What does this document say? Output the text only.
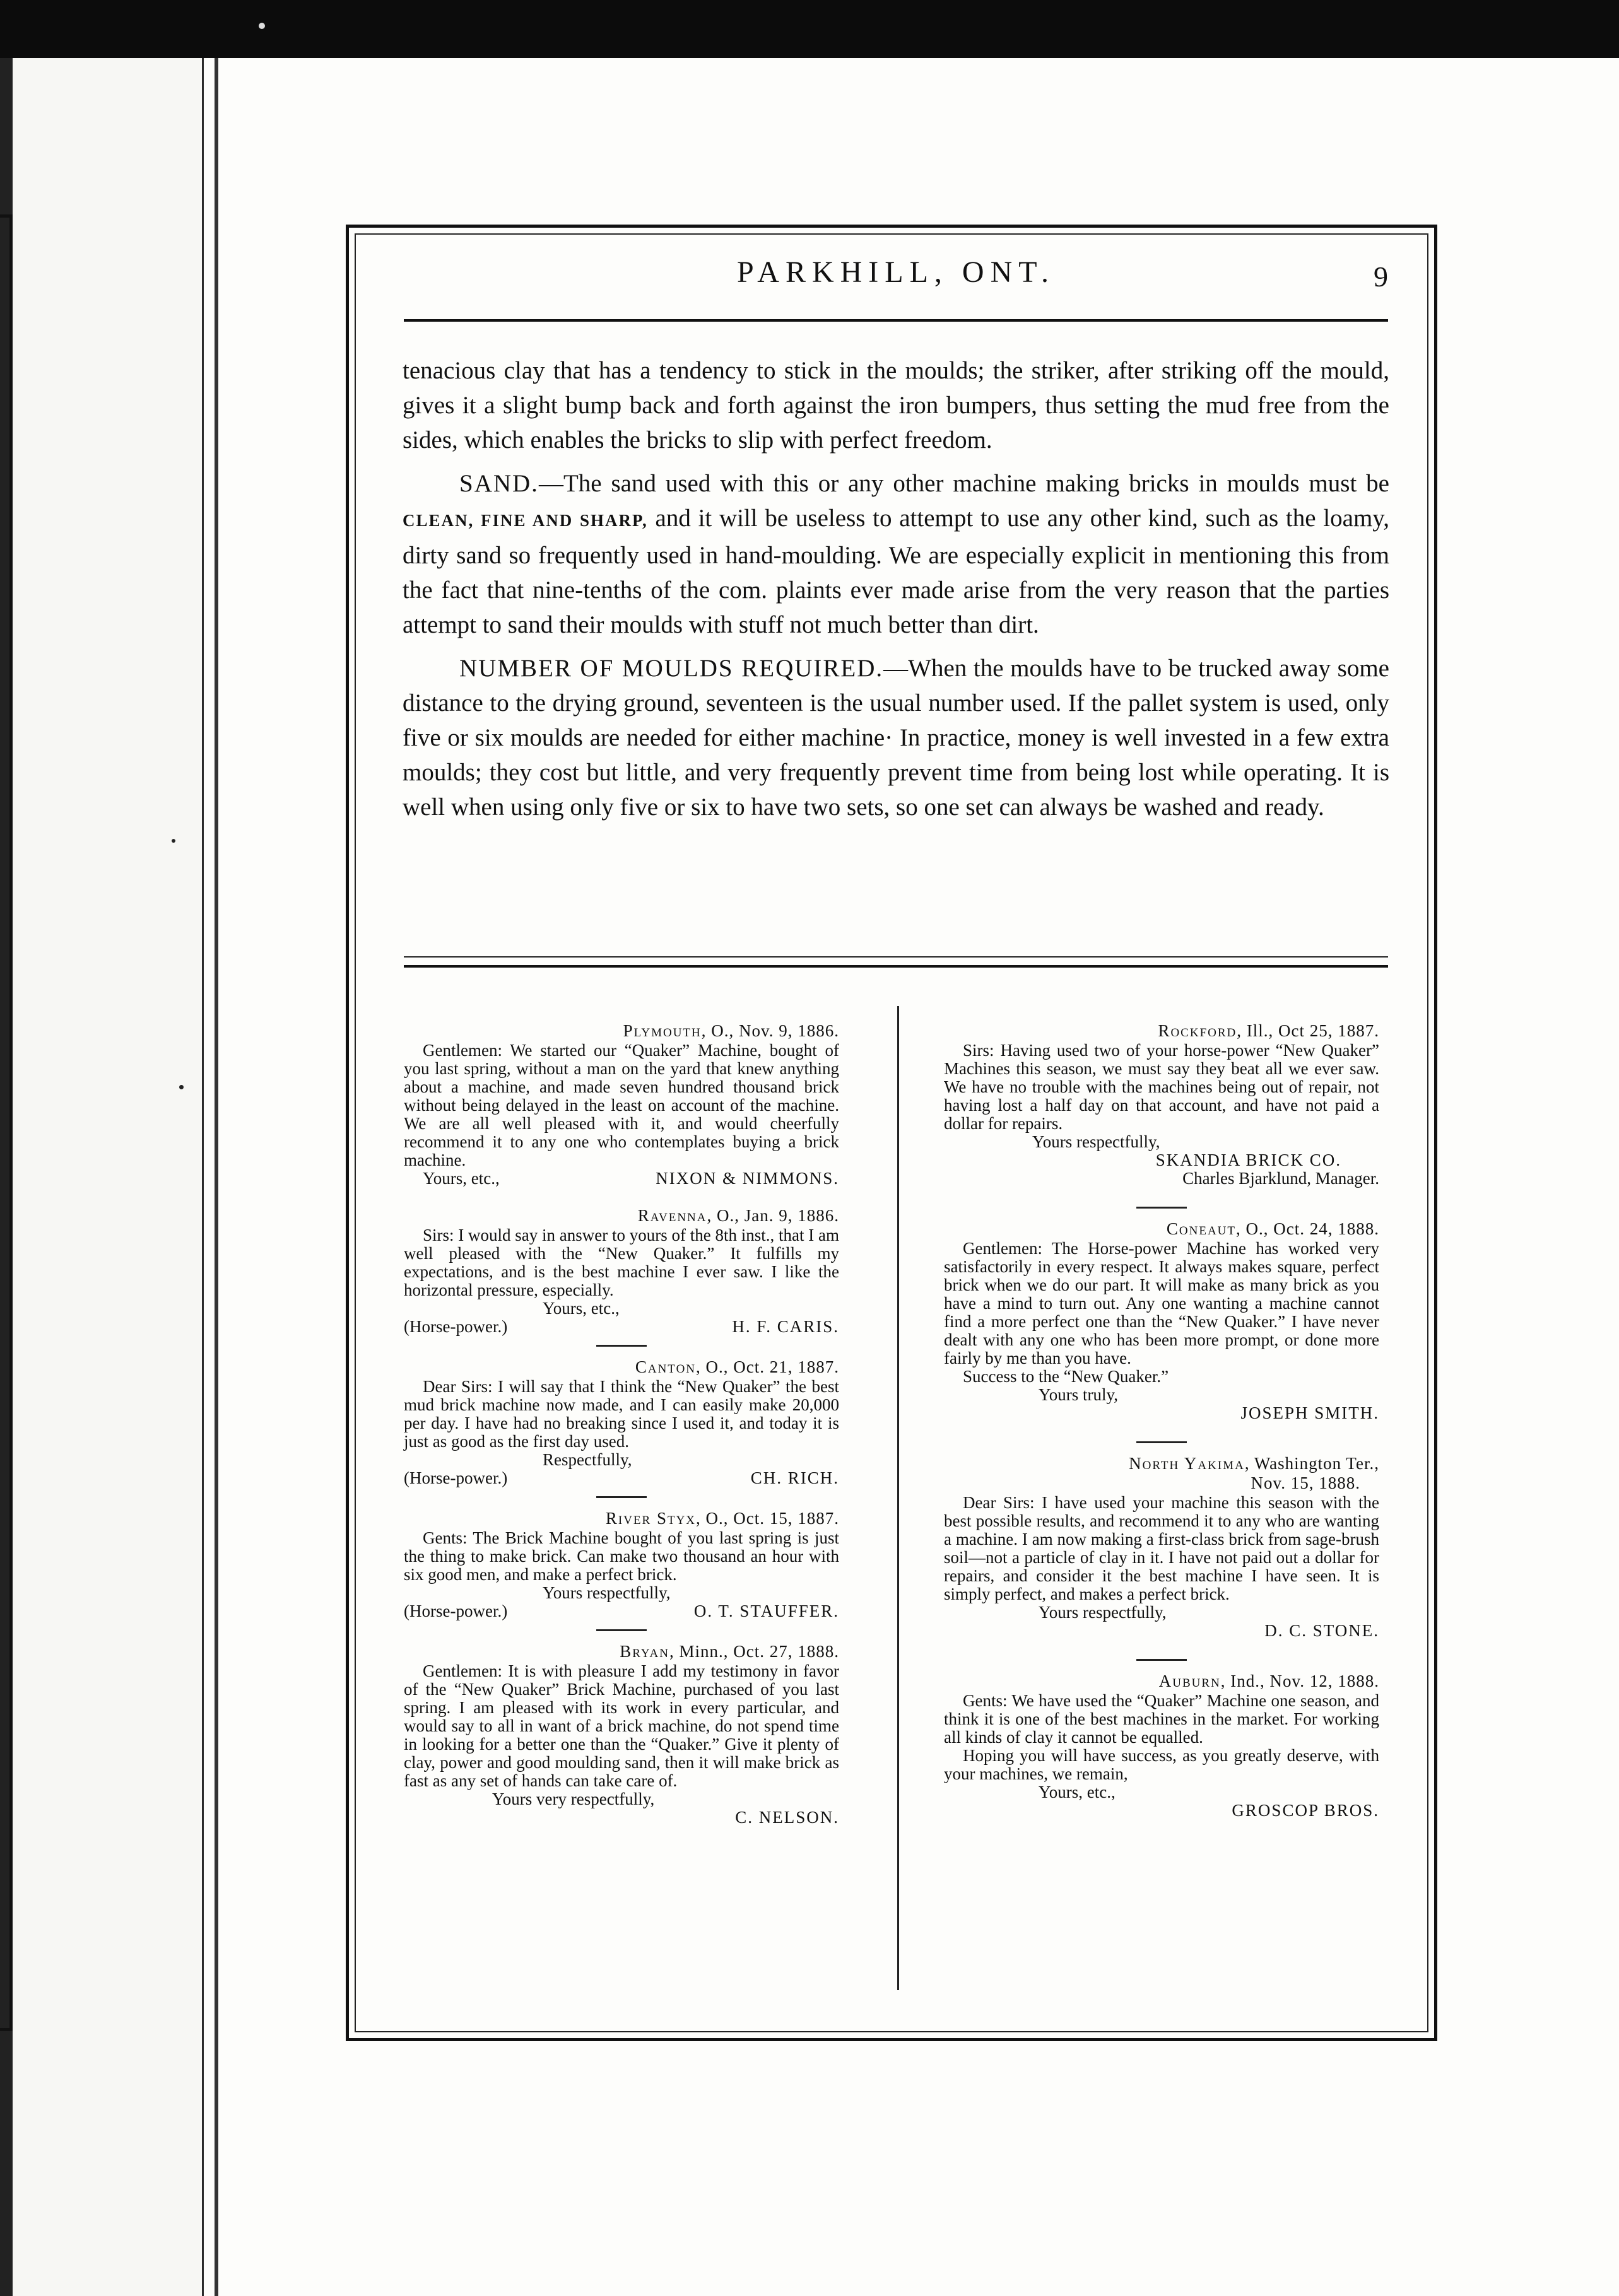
PARKHILL, ONT.	9

tenacious clay that has a tendency to stick in the moulds; the striker, after striking off the mould, gives it a slight bump back and forth against the iron bumpers, thus setting the mud free from the sides, which enables the bricks to slip with perfect freedom.

SAND.—The sand used with this or any other machine making bricks in moulds must be CLEAN, FINE AND SHARP, and it will be useless to attempt to use any other kind, such as the loamy, dirty sand so frequently used in hand-moulding. We are especially explicit in mentioning this from the fact that nine-tenths of the com. plaints ever made arise from the very reason that the parties attempt to sand their moulds with stuff not much better than dirt.

NUMBER OF MOULDS REQUIRED.—When the moulds have to be trucked away some distance to the drying ground, seventeen is the usual number used. If the pallet system is used, only five or six moulds are needed for either machine· In practice, money is well invested in a few extra moulds; they cost but little, and very frequently prevent time from being lost while operating. It is well when using only five or six to have two sets, so one set can always be washed and ready.

Plymouth, O., Nov. 9, 1886.

Gentlemen: We started our “Quaker” Machine, bought of you last spring, without a man on the yard that knew anything about a machine, and made seven hundred thousand brick without being delayed in the least on account of the machine. We are all well pleased with it, and would cheerfully recommend it to any one who contemplates buying a brick machine.

Yours, etc.,	NIXON & NIMMONS.
Ravenna, O., Jan. 9, 1886.

Sirs: I would say in answer to yours of the 8th inst., that I am well pleased with the “New Quaker.” It fulfills my expectations, and is the best machine I ever saw. I like the horizontal pressure, especially.

Yours, etc.,
(Horse-power.)	H. F. CARIS.
Canton, O., Oct. 21, 1887.

Dear Sirs: I will say that I think the “New Quaker” the best mud brick machine now made, and I can easily make 20,000 per day. I have had no breaking since I used it, and today it is just as good as the first day used.

Respectfully,
(Horse-power.)	CH. RICH.
River Styx, O., Oct. 15, 1887.

Gents: The Brick Machine bought of you last spring is just the thing to make brick. Can make two thousand an hour with six good men, and make a perfect brick.

Yours respectfully,
(Horse-power.)	O. T. STAUFFER.
Bryan, Minn., Oct. 27, 1888.

Gentlemen: It is with pleasure I add my testimony in favor of the “New Quaker” Brick Machine, purchased of you last spring. I am pleased with its work in every particular, and would say to all in want of a brick machine, do not spend time in looking for a better one than the “Quaker.” Give it plenty of clay, power and good moulding sand, then it will make brick as fast as any set of hands can take care of.

Yours very respectfully,
C. NELSON.
Rockford, Ill., Oct 25, 1887.

Sirs: Having used two of your horse-power “New Quaker” Machines this season, we must say they beat all we ever saw. We have no trouble with the machines being out of repair, not having lost a half day on that account, and have not paid a dollar for repairs.

Yours respectfully,
SKANDIA BRICK CO.
Charles Bjarklund, Manager.
Coneaut, O., Oct. 24, 1888.

Gentlemen: The Horse-power Machine has worked very satisfactorily in every respect. It always makes square, perfect brick when we do our part. It will make as many brick as you have a mind to turn out. Any one wanting a machine cannot find a more perfect one than the “New Quaker.” I have never dealt with any one who has been more prompt, or done more fairly by me than you have.

Success to the “New Quaker.”
Yours truly,
JOSEPH SMITH.
North Yakima, Washington Ter.,
Nov. 15, 1888.

Dear Sirs: I have used your machine this season with the best possible results, and recommend it to any who are wanting a machine. I am now making a first-class brick from sage-brush soil—not a particle of clay in it. I have not paid out a dollar for repairs, and consider it the best machine I have seen. It is simply perfect, and makes a perfect brick.

Yours respectfully,
D. C. STONE.
Auburn, Ind., Nov. 12, 1888.

Gents: We have used the “Quaker” Machine one season, and think it is one of the best machines in the market. For working all kinds of clay it cannot be equalled.

Hoping you will have success, as you greatly deserve, with your machines, we remain,

Yours, etc.,
GROSCOP BROS.
